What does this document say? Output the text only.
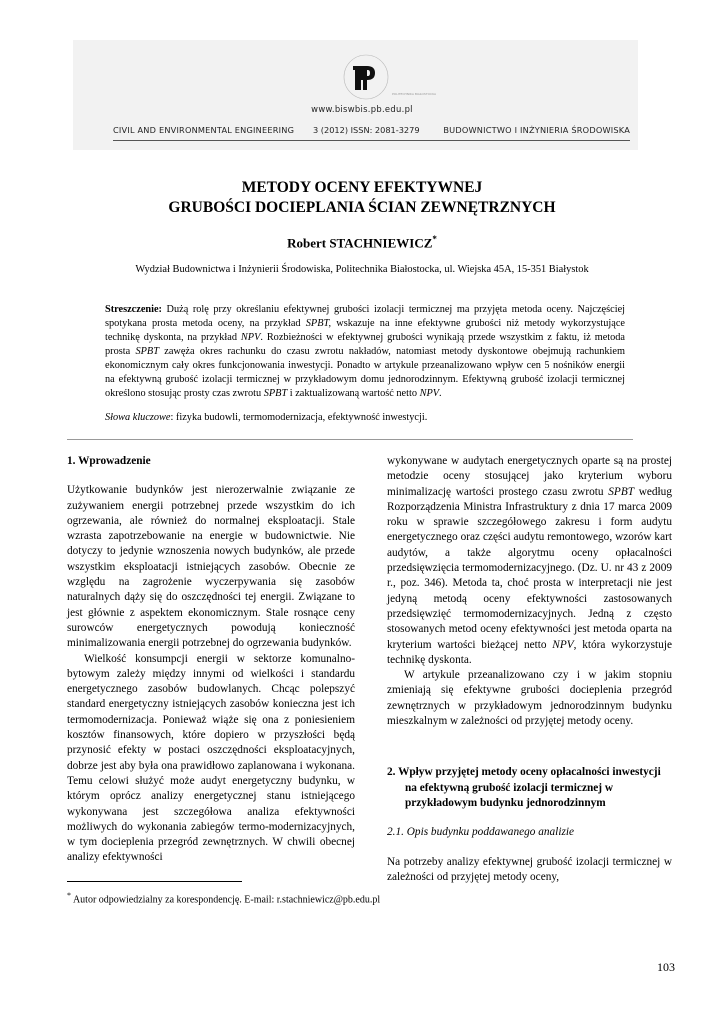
POLITECHNIKA BIAŁOSTOCKA
www.biswbis.pb.edu.pl
CIVIL AND ENVIRONMENTAL ENGINEERING 3 (2012) ISSN: 2081-3279	BUDOWNICTWO I INŻYNIERIA ŚRODOWISKA
METODY OCENY EFEKTYWNEJ
GRUBOŚCI DOCIEPLANIA ŚCIAN ZEWNĘTRZNYCH
Robert STACHNIEWICZ*
Wydział Budownictwa i Inżynierii Środowiska, Politechnika Białostocka, ul. Wiejska 45A, 15-351 Białystok
Streszczenie: Dużą rolę przy określaniu efektywnej grubości izolacji termicznej ma przyjęta metoda oceny. Najczęściej spotykana prosta metoda oceny, na przykład SPBT, wskazuje na inne efektywne grubości niż metody wykorzystujące technikę dyskonta, na przykład NPV. Rozbieżności w efektywnej grubości wynikają przede wszystkim z faktu, iż metoda prosta SPBT zawęża okres rachunku do czasu zwrotu nakładów, natomiast metody dyskontowe obejmują rachunkiem ekonomicznym cały okres funkcjonowania inwestycji. Ponadto w artykule przeanalizowano wpływ cen 5 nośników energii na efektywną grubość izolacji termicznej w przykładowym domu jednorodzinnym. Efektywną grubość izolacji termicznej określono stosując prosty czas zwrotu SPBT i zaktualizowaną wartość netto NPV.
Słowa kluczowe: fizyka budowli, termomodernizacja, efektywność inwestycji.

1. Wprowadzenie

Użytkowanie budynków jest nierozerwalnie związanie ze zużywaniem energii potrzebnej przede wszystkim do ich ogrzewania, ale również do normalnej eksploatacji. Stale wzrasta zapotrzebowanie na energie w budownictwie. Nie dotyczy to jedynie wznoszenia nowych budynków, ale przede wszystkim eksploatacji istniejących zasobów. Obecnie ze względu na zagrożenie wyczerpywania się zasobów naturalnych dąży się do oszczędności tej energii. Związane to jest głównie z aspektem ekonomicznym. Stale rosnące ceny surowców energetycznych powodują konieczność minimalizowania energii potrzebnej do ogrzewania budynków.

Wielkość konsumpcji energii w sektorze komunalno-bytowym zależy między innymi od wielkości i standardu energetycznego zasobów budowlanych. Chcąc polepszyć standard energetyczny istniejących zasobów konieczna jest ich termomodernizacja. Ponieważ wiąże się ona z poniesieniem kosztów finansowych, które dopiero w przyszłości będą przynosić efekty w postaci oszczędności eksploatacyjnych, dobrze jest aby była ona prawidłowo zaplanowana i wykonana. Temu celowi służyć może audyt energetyczny budynku, w którym oprócz analizy energetycznej stanu istniejącego wykonywana jest szczegółowa analiza efektywności możliwych do wykonania zabiegów termo-modernizacyjnych, w tym docieplenia przegród zewnętrznych. W chwili obecnej analizy efektywności

wykonywane w audytach energetycznych oparte są na prostej metodzie oceny stosującej jako kryterium wyboru minimalizację wartości prostego czasu zwrotu SPBT według Rozporządzenia Ministra Infrastruktury z dnia 17 marca 2009 roku w sprawie szczegółowego zakresu i form audytu energetycznego oraz części audytu remontowego, wzorów kart audytów, a także algorytmu oceny opłacalności przedsięwzięcia termomodernizacyjnego. (Dz. U. nr 43 z 2009 r., poz. 346). Metoda ta, choć prosta w interpretacji nie jest jedyną metodą oceny efektywności zastosowanych przedsięwzięć termomodernizacyjnych. Jedną z często stosowanych metod oceny efektywności jest metoda oparta na kryterium wartości bieżącej netto NPV, która wykorzystuje technikę dyskonta.

W artykule przeanalizowano czy i w jakim stopniu zmieniają się efektywne grubości docieplenia przegród zewnętrznych w przykładowym jednorodzinnym budynku mieszkalnym w zależności od przyjętej metody oceny.

2. Wpływ przyjętej metody oceny opłacalności inwestycji na efektywną grubość izolacji termicznej w przykładowym budynku jednorodzinnym

2.1. Opis budynku poddawanego analizie

Na potrzeby analizy efektywnej grubość izolacji termicznej w zależności od przyjętej metody oceny,

* Autor odpowiedzialny za korespondencję. E-mail: r.stachniewicz@pb.edu.pl
103
